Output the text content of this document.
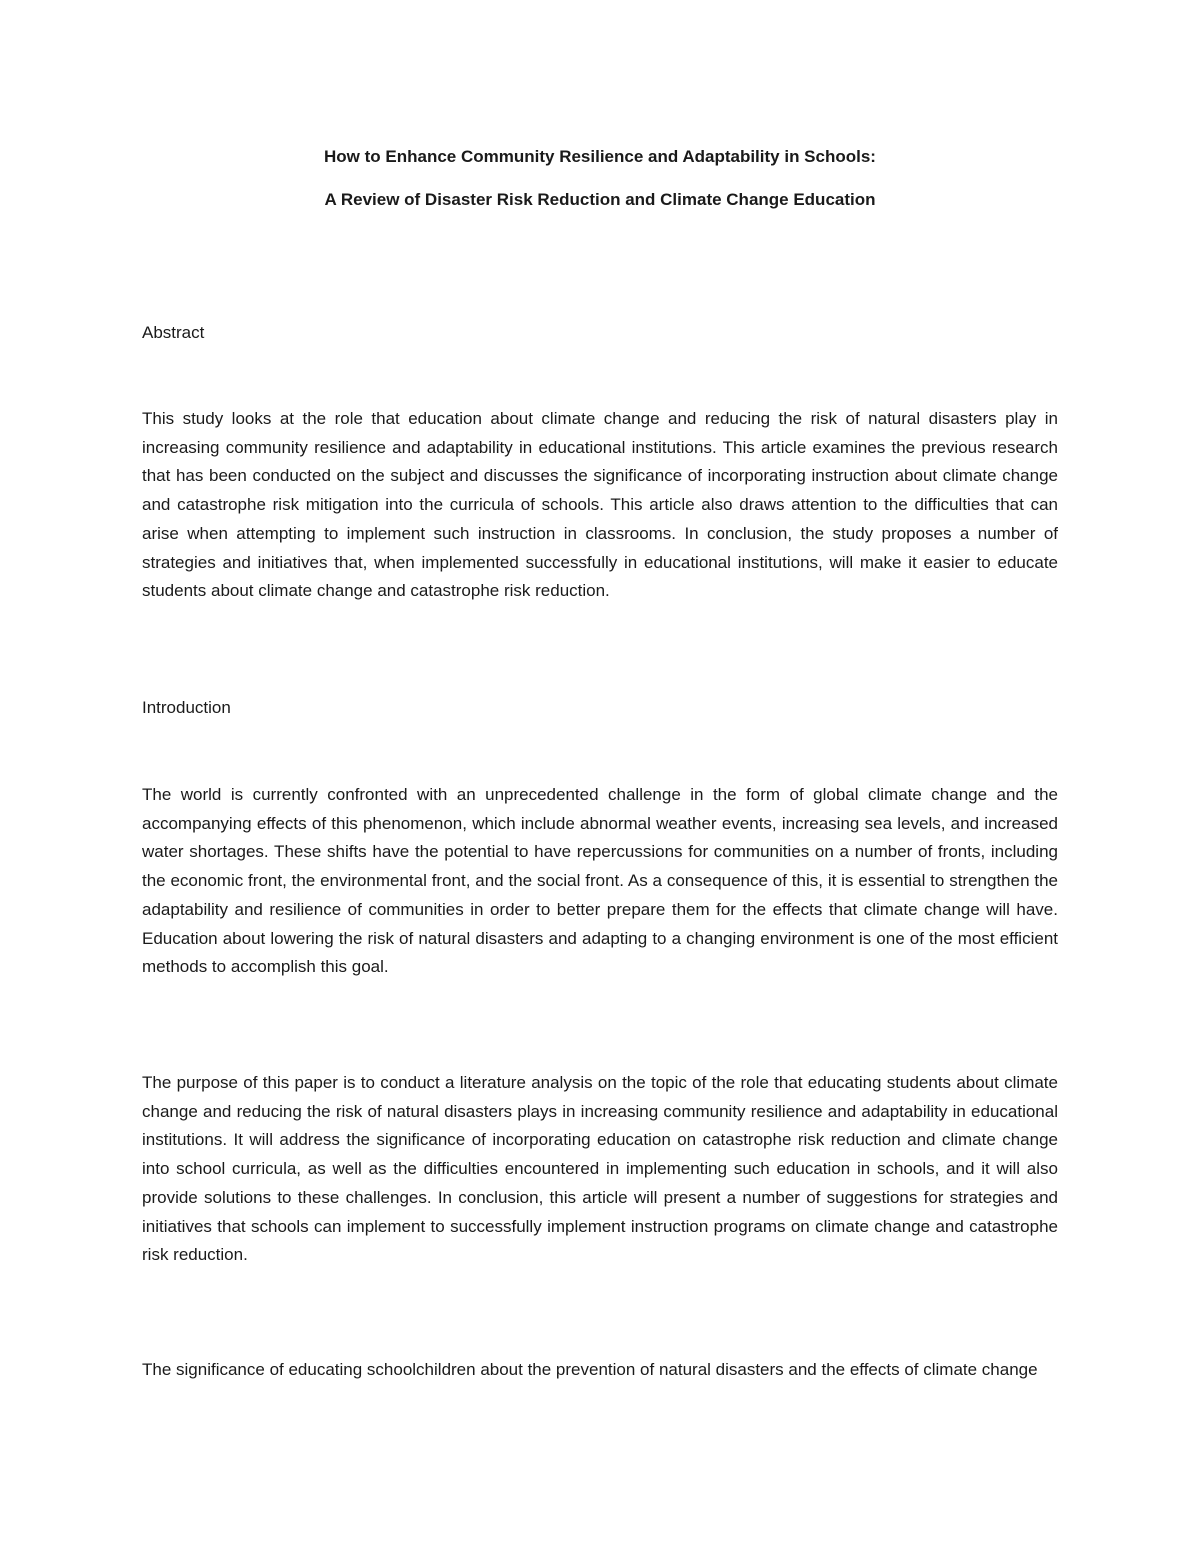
How to Enhance Community Resilience and Adaptability in Schools:
A Review of Disaster Risk Reduction and Climate Change Education
Abstract

This study looks at the role that education about climate change and reducing the risk of natural disasters play in increasing community resilience and adaptability in educational institutions. This article examines the previous research that has been conducted on the subject and discusses the significance of incorporating instruction about climate change and catastrophe risk mitigation into the curricula of schools. This article also draws attention to the difficulties that can arise when attempting to implement such instruction in classrooms. In conclusion, the study proposes a number of strategies and initiatives that, when implemented successfully in educational institutions, will make it easier to educate students about climate change and catastrophe risk reduction.

Introduction

The world is currently confronted with an unprecedented challenge in the form of global climate change and the accompanying effects of this phenomenon, which include abnormal weather events, increasing sea levels, and increased water shortages. These shifts have the potential to have repercussions for communities on a number of fronts, including the economic front, the environmental front, and the social front. As a consequence of this, it is essential to strengthen the adaptability and resilience of communities in order to better prepare them for the effects that climate change will have. Education about lowering the risk of natural disasters and adapting to a changing environment is one of the most efficient methods to accomplish this goal.

The purpose of this paper is to conduct a literature analysis on the topic of the role that educating students about climate change and reducing the risk of natural disasters plays in increasing community resilience and adaptability in educational institutions. It will address the significance of incorporating education on catastrophe risk reduction and climate change into school curricula, as well as the difficulties encountered in implementing such education in schools, and it will also provide solutions to these challenges. In conclusion, this article will present a number of suggestions for strategies and initiatives that schools can implement to successfully implement instruction programs on climate change and catastrophe risk reduction.

The significance of educating schoolchildren about the prevention of natural disasters and the effects of climate change
